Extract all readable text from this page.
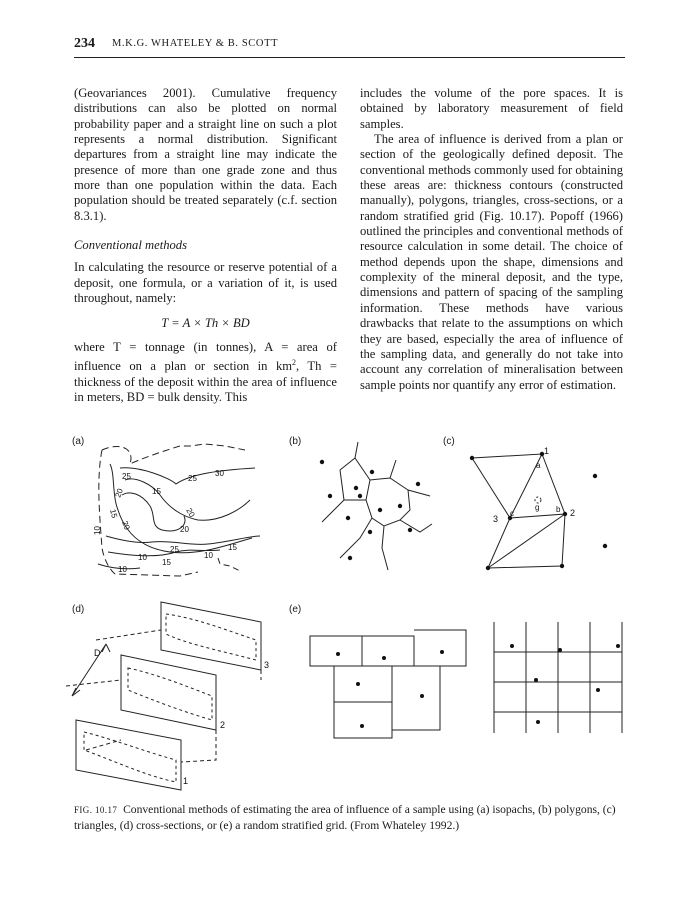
234 M.K.G. WHATELEY & B. SCOTT

(Geovariances 2001). Cumulative frequency distributions can also be plotted on normal probability paper and a straight line on such a plot represents a normal distribution. Significant departures from a straight line may indicate the presence of more than one grade zone and thus more than one population within the data. Each population should be treated separately (c.f. section 8.3.1).

Conventional methods

In calculating the resource or reserve potential of a deposit, one formula, or a variation of it, is used throughout, namely:

T = A × Th × BD

where T = tonnage (in tonnes), A = area of influence on a plan or section in $km^2$, Th = thickness of the deposit within the area of influence in meters, BD = bulk density. This

includes the volume of the pore spaces. It is obtained by laboratory measurement of field samples.

The area of influence is derived from a plan or section of the geologically defined deposit. The conventional methods commonly used for obtaining these areas are: thickness contours (constructed manually), polygons, triangles, cross-sections, or a random stratified grid (Fig. 10.17). Popoff (1966) outlined the principles and conventional methods of resource calculation in some detail. The choice of method depends upon the shape, dimensions and complexity of the mineral deposit, and the type, dimensions and pattern of spacing of the sampling information. These methods have various drawbacks that relate to the assumptions on which they are based, especially the area of influence of the sampling data, and generally do not take into account any correlation of mineralisation between sample points nor quantify any error of estimation.

(a)	(b)	(c)
(d)	(e)
25	25
30
20	15
20
15
20
10	20
25	15
15
10
10
10
1
2
3
a
b
c
g
D
1
2
3
FIG. 10.17 Conventional methods of estimating the area of influence of a sample using (a) isopachs, (b) polygons, (c) triangles, (d) cross-sections, or (e) a random stratified grid. (From Whateley 1992.)
